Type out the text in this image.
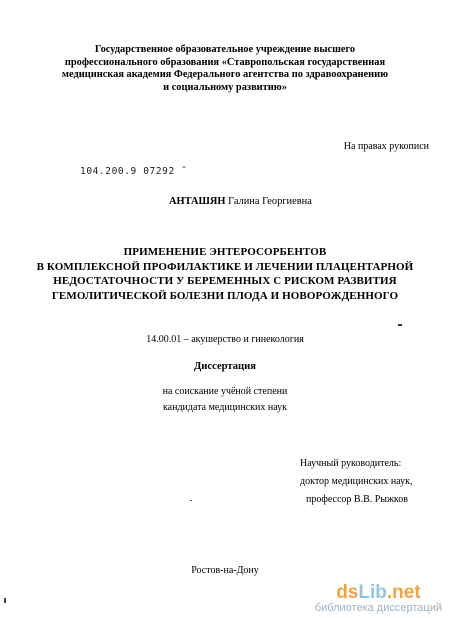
Государственное образовательное учреждение высшего
профессионального образования «Ставропольская государственная
медицинская академия Федерального агентства по здравоохранению
и социальному развитию»
На правах рукописи
104.200.9 07292 ˘
АНТАШЯН Галина Георгиевна
ПРИМЕНЕНИЕ ЭНТЕРОСОРБЕНТОВ
В КОМПЛЕКСНОЙ ПРОФИЛАКТИКЕ И ЛЕЧЕНИИ ПЛАЦЕНТАРНОЙ
НЕДОСТАТОЧНОСТИ У БЕРЕМЕННЫХ С РИСКОМ РАЗВИТИЯ
ГЕМОЛИТИЧЕСКОЙ БОЛЕЗНИ ПЛОДА И НОВОРОЖДЕННОГО
14.00.01 – акушерство и гинекология
Диссертация
на соискание учёной степени
кандидата медицинских наук
Научный руководитель:
доктор медицинских наук,
профессор В.В. Рыжков
Ростов-на-Дону
dsLib.net
библиотека диссертаций
